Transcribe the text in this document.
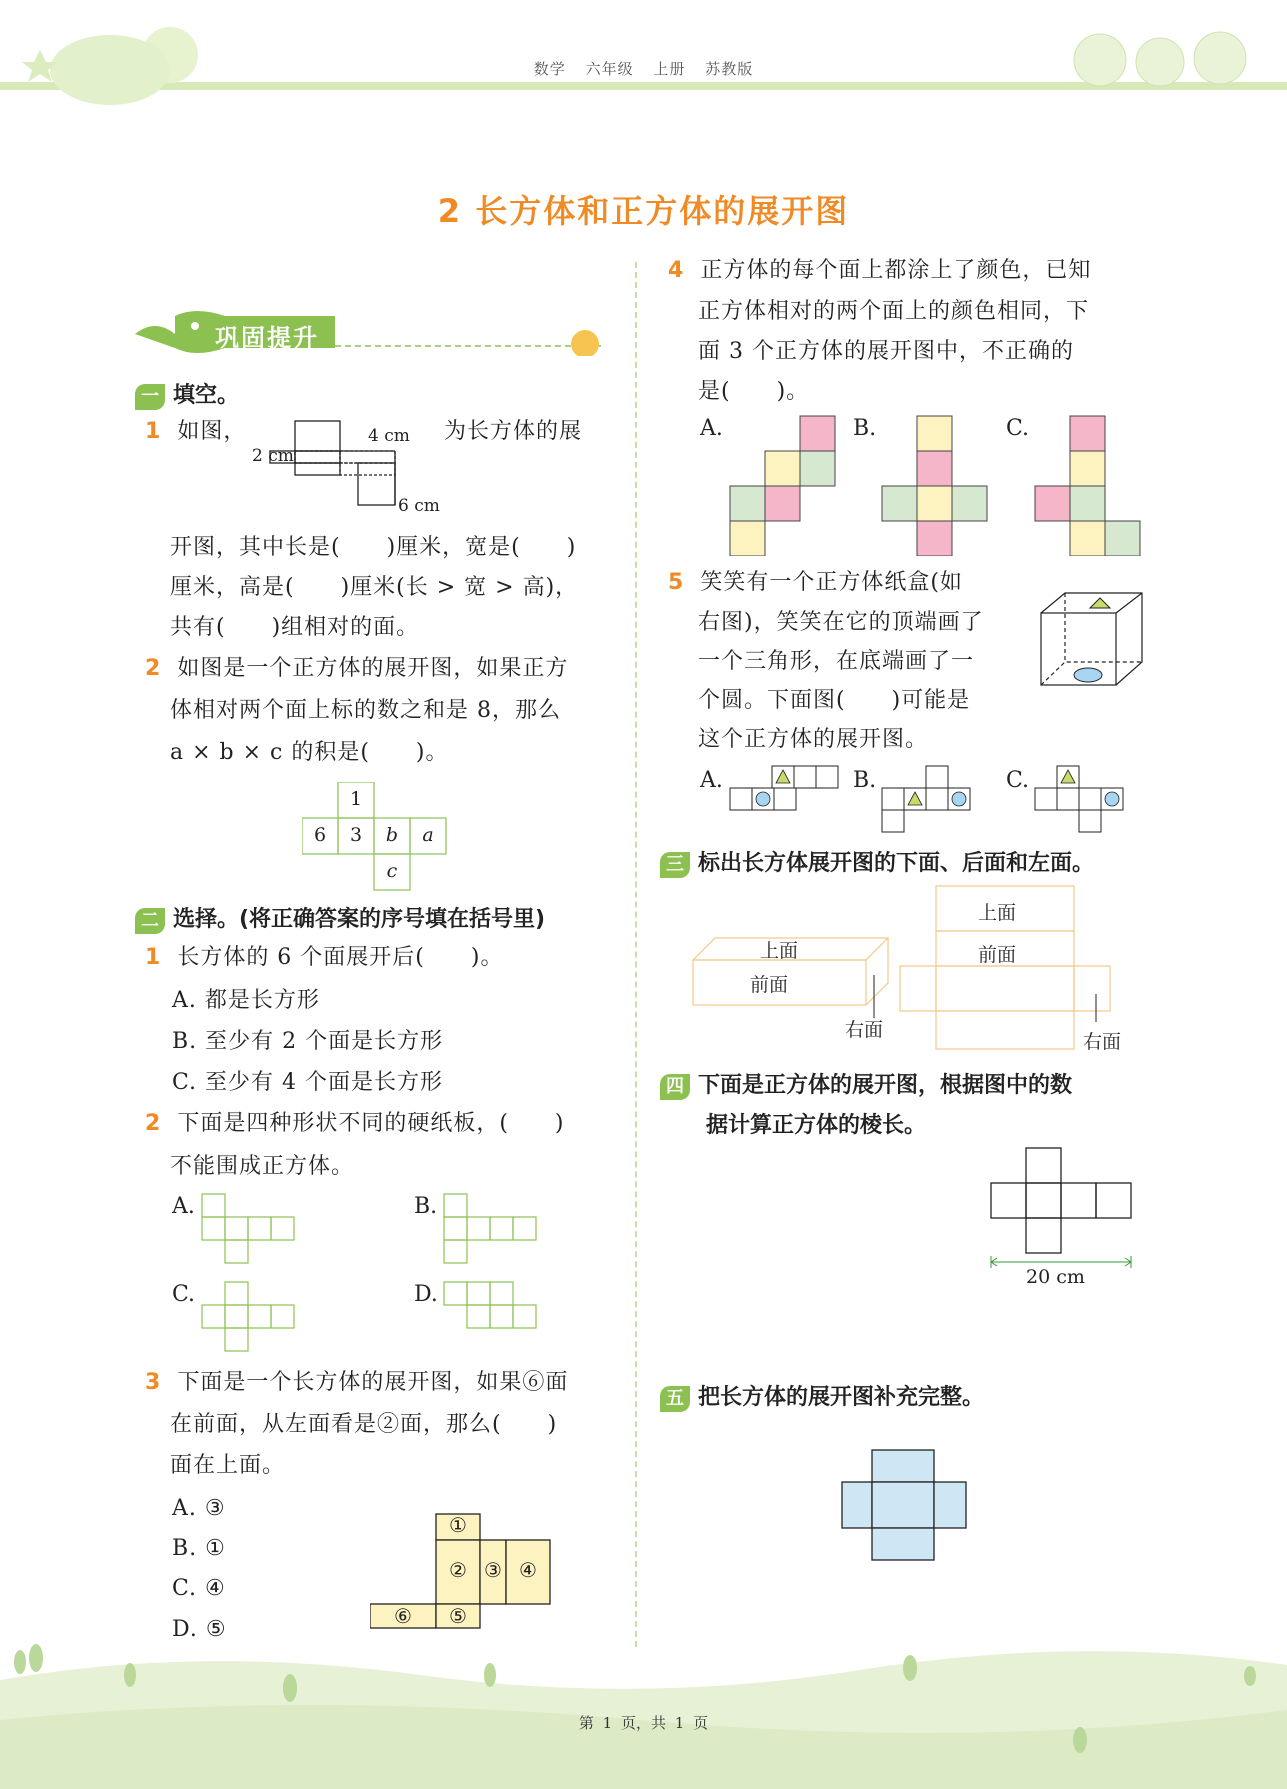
数学 六年级 上册 苏教版
2 长方体和正方体的展开图
巩固提升
一 填空。
1 如图，	为长方体的展
4 cm
2 cm
6 cm
开图，其中长是(　　)厘米，宽是(　　)
厘米，高是(　　)厘米(长 > 宽 > 高)，
共有(　　)组相对的面。
2 如图是一个正方体的展开图，如果正方
体相对两个面上标的数之和是 8，那么
a × b × c 的积是(　　)。
1
6	3	b	a
c
二 选择。(将正确答案的序号填在括号里)
1 长方体的 6 个面展开后(　　)。
A. 都是长方形
B. 至少有 2 个面是长方形
C. 至少有 4 个面是长方形
2 下面是四种形状不同的硬纸板，(　　)
不能围成正方体。
A.	B.
C.	D.
3 下面是一个长方体的展开图，如果⑥面
在前面，从左面看是②面，那么(　　)
面在上面。
A. ③
B. ①
C. ④
D. ⑤
①
② ③ ④
⑥	⑤
4 正方体的每个面上都涂上了颜色，已知
正方体相对的两个面上的颜色相同，下
面 3 个正方体的展开图中，不正确的
是(　　)。
A.	B.	C.
5 笑笑有一个正方体纸盒(如
右图)，笑笑在它的顶端画了
一个三角形，在底端画了一
个圆。下面图(　　)可能是
这个正方体的展开图。
A.	B.	C.
三 标出长方体展开图的下面、后面和左面。
上面
前面
右面
上面
前面
右面
四 下面是正方体的展开图，根据图中的数
据计算正方体的棱长。
20 cm
五 把长方体的展开图补充完整。
第 1 页，共 1 页
